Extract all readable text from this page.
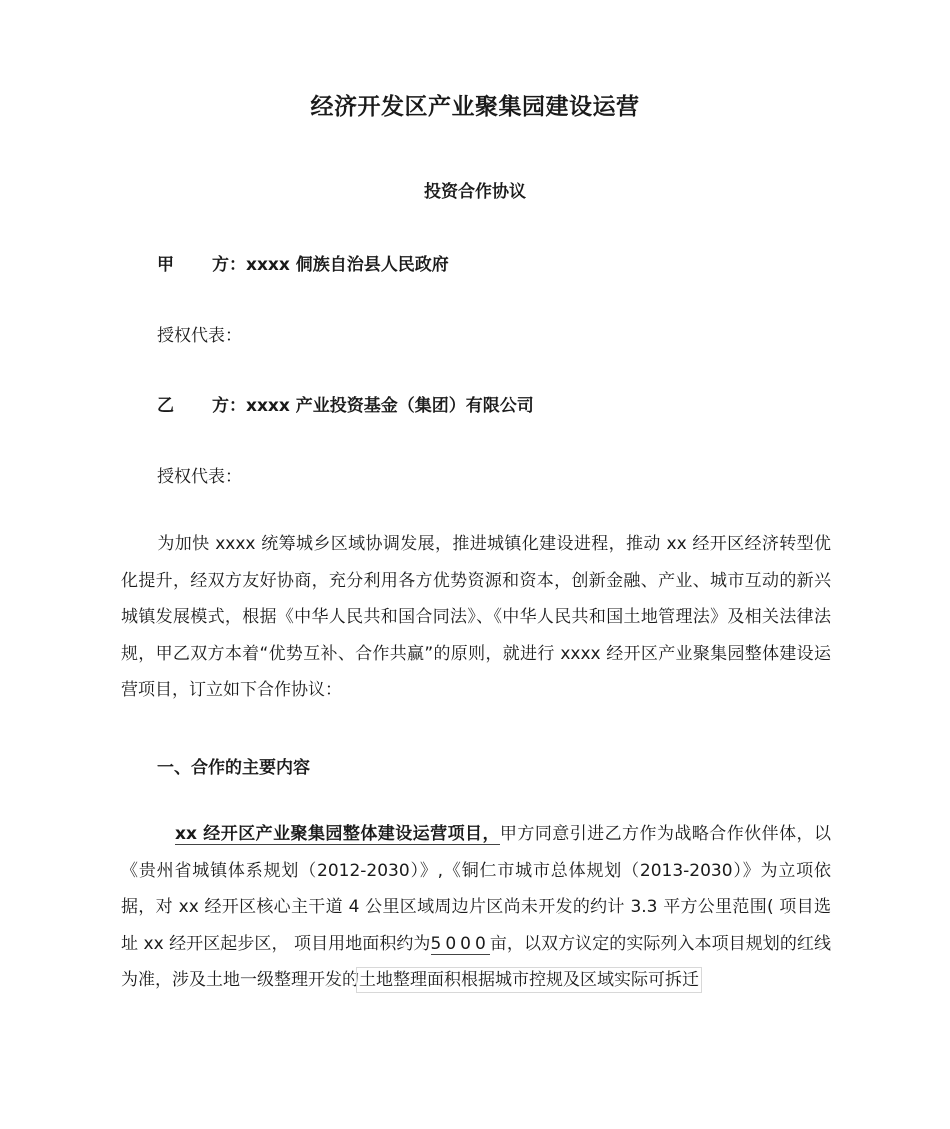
经济开发区产业聚集园建设运营
投资合作协议
甲 方：xxxx 侗族自治县人民政府
授权代表：
乙 方：xxxx 产业投资基金（集团）有限公司
授权代表：
为加快 xxxx 统筹城乡区域协调发展，推进城镇化建设进程，推动 xx 经开区经济转型优化提升，经双方友好协商，充分利用各方优势资源和资本，创新金融、产业、城市互动的新兴城镇发展模式，根据《中华人民共和国合同法》、《中华人民共和国土地管理法》及相关法律法规，甲乙双方本着“优势互补、合作共赢”的原则，就进行 xxxx 经开区产业聚集园整体建设运营项目，订立如下合作协议：
一、合作的主要内容
xx 经开区产业聚集园整体建设运营项目，甲方同意引进乙方作为战略合作伙伴体，以《贵州省城镇体系规划（2012-2030）》,《铜仁市城市总体规划（2013-2030）》为立项依据，对 xx 经开区核心主干道 4 公里区域周边片区尚未开发的约计 3.3 平方公里范围( 项目选址 xx 经开区起步区， 项目用地面积约为5000亩，以双方议定的实际列入本项目规划的红线为准，涉及土地一级整理开发的土地整理面积根据城市控规及区域实际可拆迁
